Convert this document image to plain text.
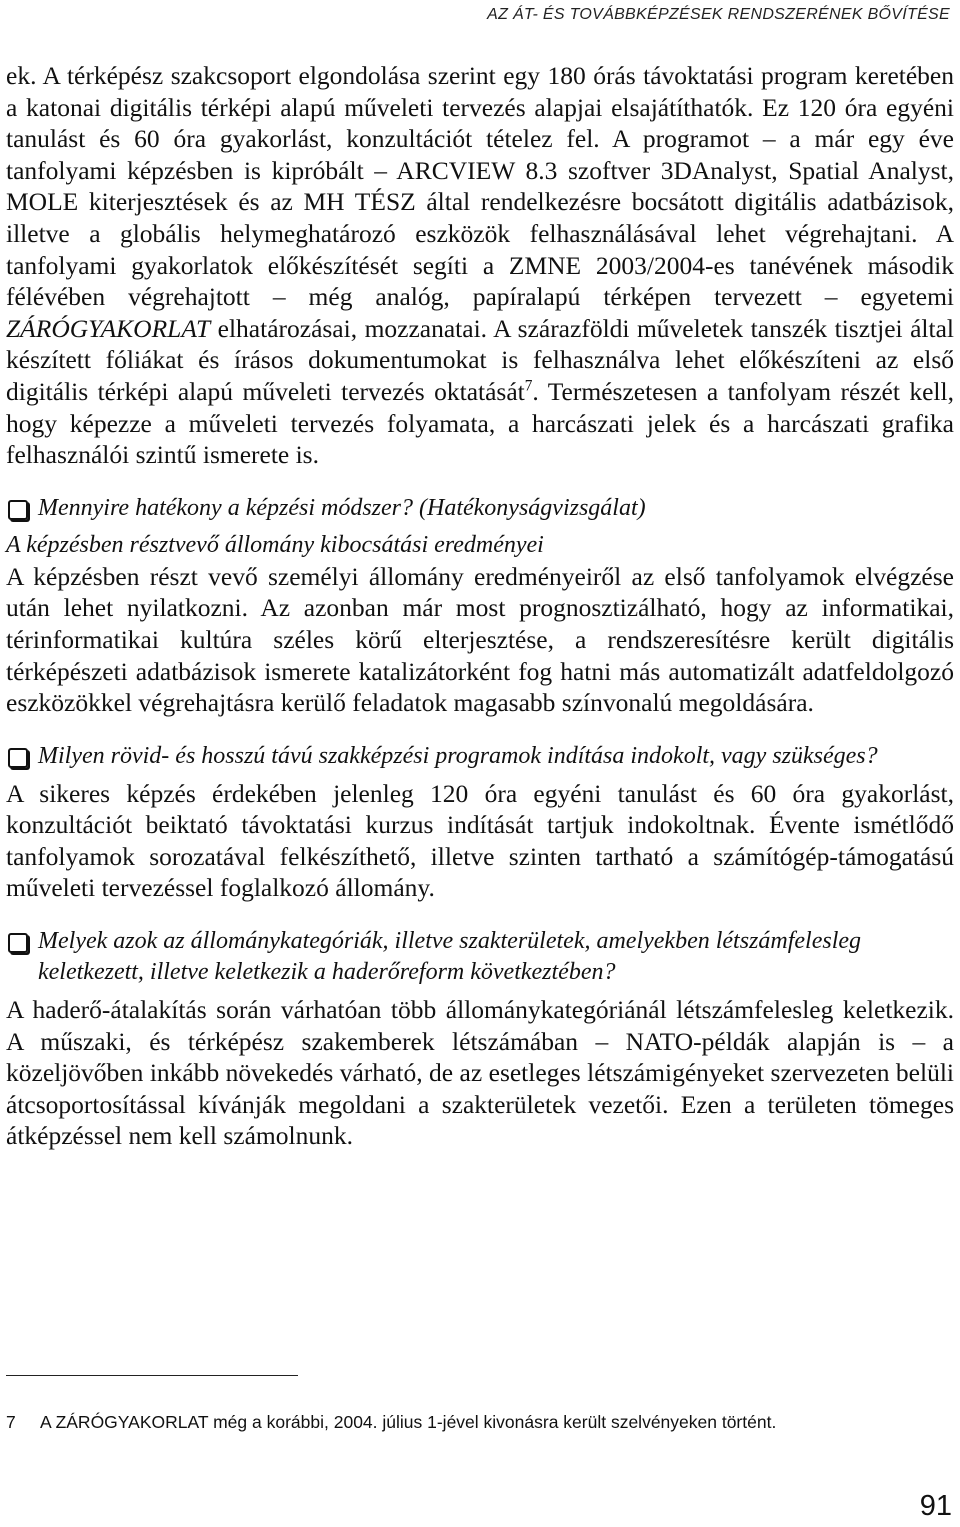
AZ ÁT- ÉS TOVÁBBKÉPZÉSEK RENDSZERÉNEK BŐVÍTÉSE

ek. A térképész szakcsoport elgondolása szerint egy 180 órás távoktatási program keretében a katonai digitális térképi alapú műveleti tervezés alapjai elsajátíthatók. Ez 120 óra egyéni tanulást és 60 óra gyakorlást, konzultációt tételez fel. A programot – a már egy éve tanfolyami képzésben is kipróbált – ARCVIEW 8.3 szoftver 3DAnalyst, Spatial Analyst, MOLE kiterjesztések és az MH TÉSZ által rendelkezésre bocsátott digitális adatbázisok, illetve a globális helymeghatározó eszközök felhasználásával lehet végrehajtani. A tanfolyami gyakorlatok előkészítését segíti a ZMNE 2003/2004-es tanévének második félévében végrehajtott – még analóg, papíralapú térképen tervezett – egyetemi ZÁRÓGYAKORLAT elhatározásai, mozzanatai. A szárazföldi műveletek tanszék tisztjei által készített fóliákat és írásos dokumentumokat is felhasználva lehet előkészíteni az első digitális térképi alapú műveleti tervezés oktatását$^7$. Természetesen a tanfolyam részét kell, hogy képezze a műveleti tervezés folyamata, a harcászati jelek és a harcászati grafika felhasználói szintű ismerete is.

Mennyire hatékony a képzési módszer? (Hatékonyságvizsgálat)
A képzésben résztvevő állomány kibocsátási eredményei

A képzésben részt vevő személyi állomány eredményeiről az első tanfolyamok elvégzése után lehet nyilatkozni. Az azonban már most prognosztizálható, hogy az informatikai, térinformatikai kultúra széles körű elterjesztése, a rendszeresítésre került digitális térképészeti adatbázisok ismerete katalizátorként fog hatni más automatizált adatfeldolgozó eszközökkel végrehajtásra kerülő feladatok magasabb színvonalú megoldására.

Milyen rövid- és hosszú távú szakképzési programok indítása indokolt, vagy szükséges?

A sikeres képzés érdekében jelenleg 120 óra egyéni tanulást és 60 óra gyakorlást, konzultációt beiktató távoktatási kurzus indítását tartjuk indokoltnak. Évente ismétlődő tanfolyamok sorozatával felkészíthető, illetve szinten tartható a számítógép-támogatású műveleti tervezéssel foglalkozó állomány.

Melyek azok az állománykategóriák, illetve szakterületek, amelyekben létszámfelesleg keletkezett, illetve keletkezik a haderőreform következtében?

A haderő-átalakítás során várhatóan több állománykategóriánál létszámfelesleg keletkezik. A műszaki, és térképész szakemberek létszámában – NATO-példák alapján is – a közeljövőben inkább növekedés várható, de az esetleges létszámigényeket szervezeten belüli átcsoportosítással kívánják megoldani a szakterületek vezetői. Ezen a területen tömeges átképzéssel nem kell számolnunk.

7	A ZÁRÓGYAKORLAT még a korábbi, 2004. július 1-jével kivonásra került szelvényeken történt.
91
